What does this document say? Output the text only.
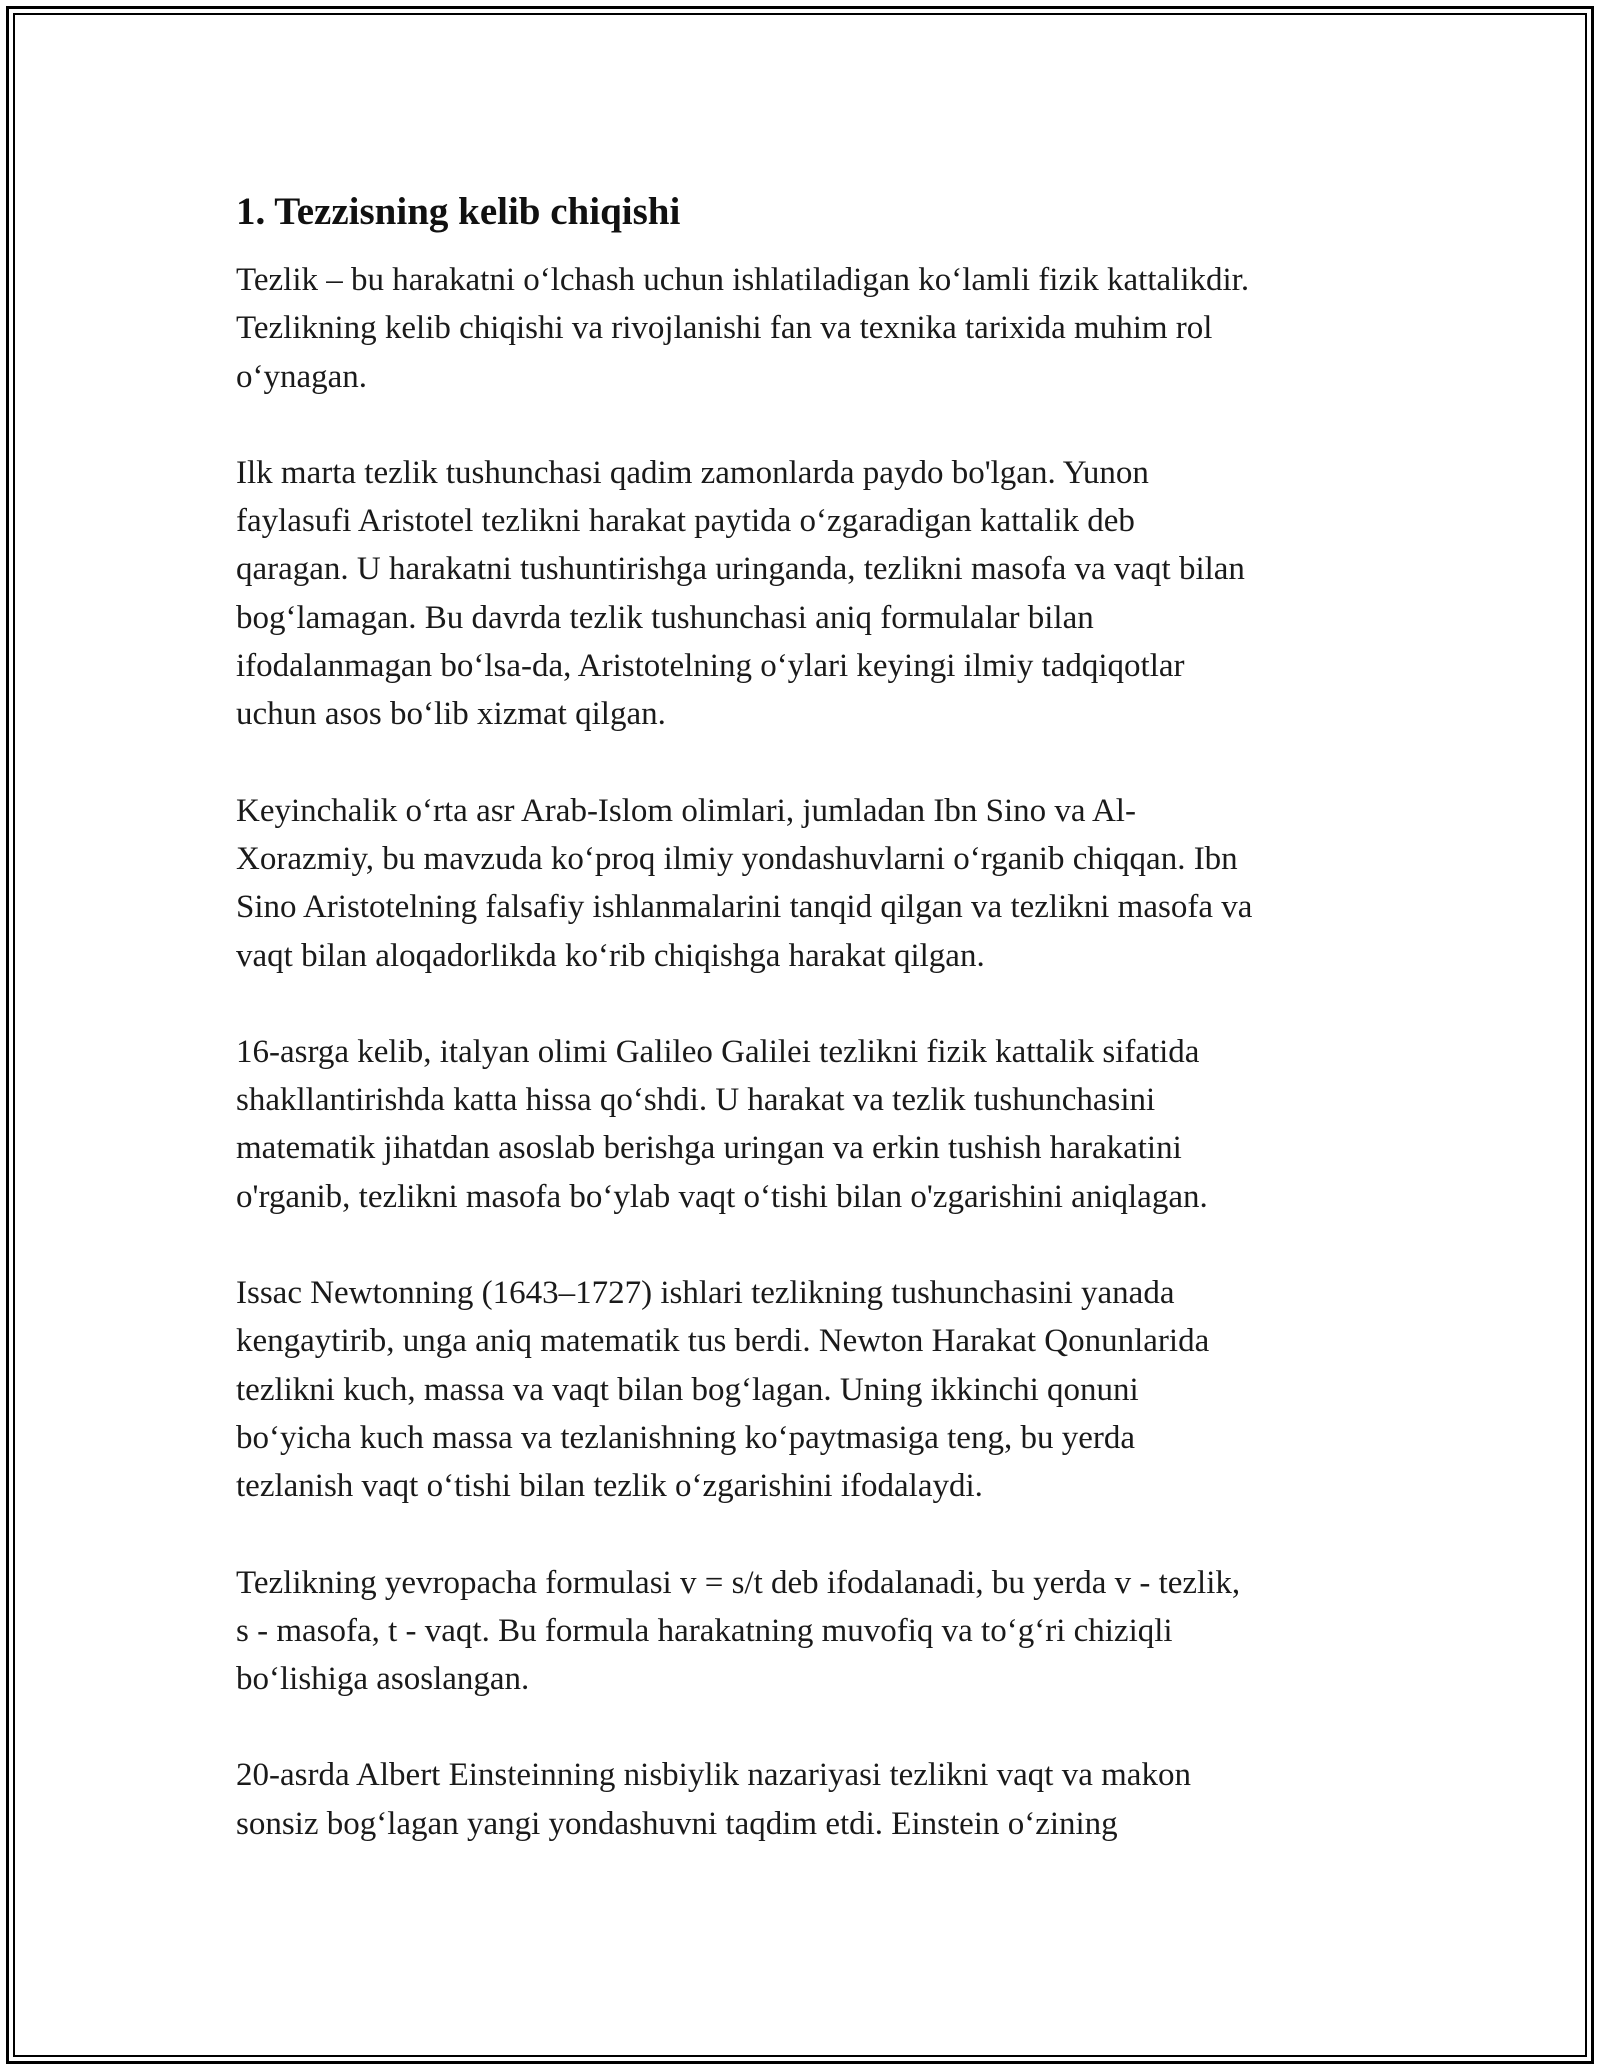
1. Tezzisning kelib chiqishi

Tezlik – bu harakatni o‘lchash uchun ishlatiladigan ko‘lamli fizik kattalikdir.
Tezlikning kelib chiqishi va rivojlanishi fan va texnika tarixida muhim rol
o‘ynagan.

Ilk marta tezlik tushunchasi qadim zamonlarda paydo bo'lgan. Yunon
faylasufi Aristotel tezlikni harakat paytida o‘zgaradigan kattalik deb
qaragan. U harakatni tushuntirishga uringanda, tezlikni masofa va vaqt bilan
bog‘lamagan. Bu davrda tezlik tushunchasi aniq formulalar bilan
ifodalanmagan bo‘lsa-da, Aristotelning o‘ylari keyingi ilmiy tadqiqotlar
uchun asos bo‘lib xizmat qilgan.

Keyinchalik o‘rta asr Arab-Islom olimlari, jumladan Ibn Sino va Al-
Xorazmiy, bu mavzuda ko‘proq ilmiy yondashuvlarni o‘rganib chiqqan. Ibn
Sino Aristotelning falsafiy ishlanmalarini tanqid qilgan va tezlikni masofa va
vaqt bilan aloqadorlikda ko‘rib chiqishga harakat qilgan.

16-asrga kelib, italyan olimi Galileo Galilei tezlikni fizik kattalik sifatida
shakllantirishda katta hissa qo‘shdi. U harakat va tezlik tushunchasini
matematik jihatdan asoslab berishga uringan va erkin tushish harakatini
o'rganib, tezlikni masofa bo‘ylab vaqt o‘tishi bilan o'zgarishini aniqlagan.

Issac Newtonning (1643–1727) ishlari tezlikning tushunchasini yanada
kengaytirib, unga aniq matematik tus berdi. Newton Harakat Qonunlarida
tezlikni kuch, massa va vaqt bilan bog‘lagan. Uning ikkinchi qonuni
bo‘yicha kuch massa va tezlanishning ko‘paytmasiga teng, bu yerda
tezlanish vaqt o‘tishi bilan tezlik o‘zgarishini ifodalaydi.

Tezlikning yevropacha formulasi v = s/t deb ifodalanadi, bu yerda v - tezlik,
s - masofa, t - vaqt. Bu formula harakatning muvofiq va to‘g‘ri chiziqli
bo‘lishiga asoslangan.

20-asrda Albert Einsteinning nisbiylik nazariyasi tezlikni vaqt va makon
sonsiz bog‘lagan yangi yondashuvni taqdim etdi. Einstein o‘zining
